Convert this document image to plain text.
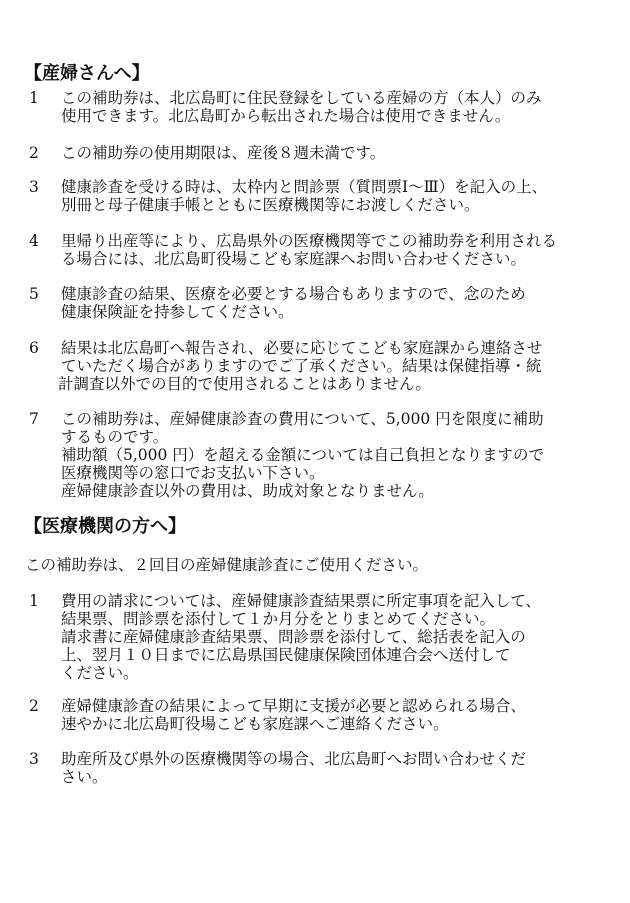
【産婦さんへ】
1 この補助券は、北広島町に住民登録をしている産婦の方（本人）のみ
使用できます。北広島町から転出された場合は使用できません。
2 この補助券の使用期限は、産後８週未満です。
3 健康診査を受ける時は、太枠内と問診票（質問票Ⅰ～Ⅲ）を記入の上、
別冊と母子健康手帳とともに医療機関等にお渡しください。
4 里帰り出産等により、広島県外の医療機関等でこの補助券を利用される
る場合には、北広島町役場こども家庭課へお問い合わせください。
5 健康診査の結果、医療を必要とする場合もありますので、念のため
健康保険証を持参してください。
6 結果は北広島町へ報告され、必要に応じてこども家庭課から連絡させ
ていただく場合がありますのでご了承ください。結果は保健指導・統
計調査以外での目的で使用されることはありません。
7 この補助券は、産婦健康診査の費用について、5,000 円を限度に補助
するものです。
補助額（5,000 円）を超える金額については自己負担となりますので
医療機関等の窓口でお支払い下さい。
産婦健康診査以外の費用は、助成対象となりません。
【医療機関の方へ】
この補助券は、２回目の産婦健康診査にご使用ください。
1 費用の請求については、産婦健康診査結果票に所定事項を記入して、
結果票、問診票を添付して１か月分をとりまとめてください。
請求書に産婦健康診査結果票、問診票を添付して、総括表を記入の
上、翌月１０日までに広島県国民健康保険団体連合会へ送付して
ください。
2 産婦健康診査の結果によって早期に支援が必要と認められる場合、
速やかに北広島町役場こども家庭課へご連絡ください。
3 助産所及び県外の医療機関等の場合、北広島町へお問い合わせくだ
さい。
